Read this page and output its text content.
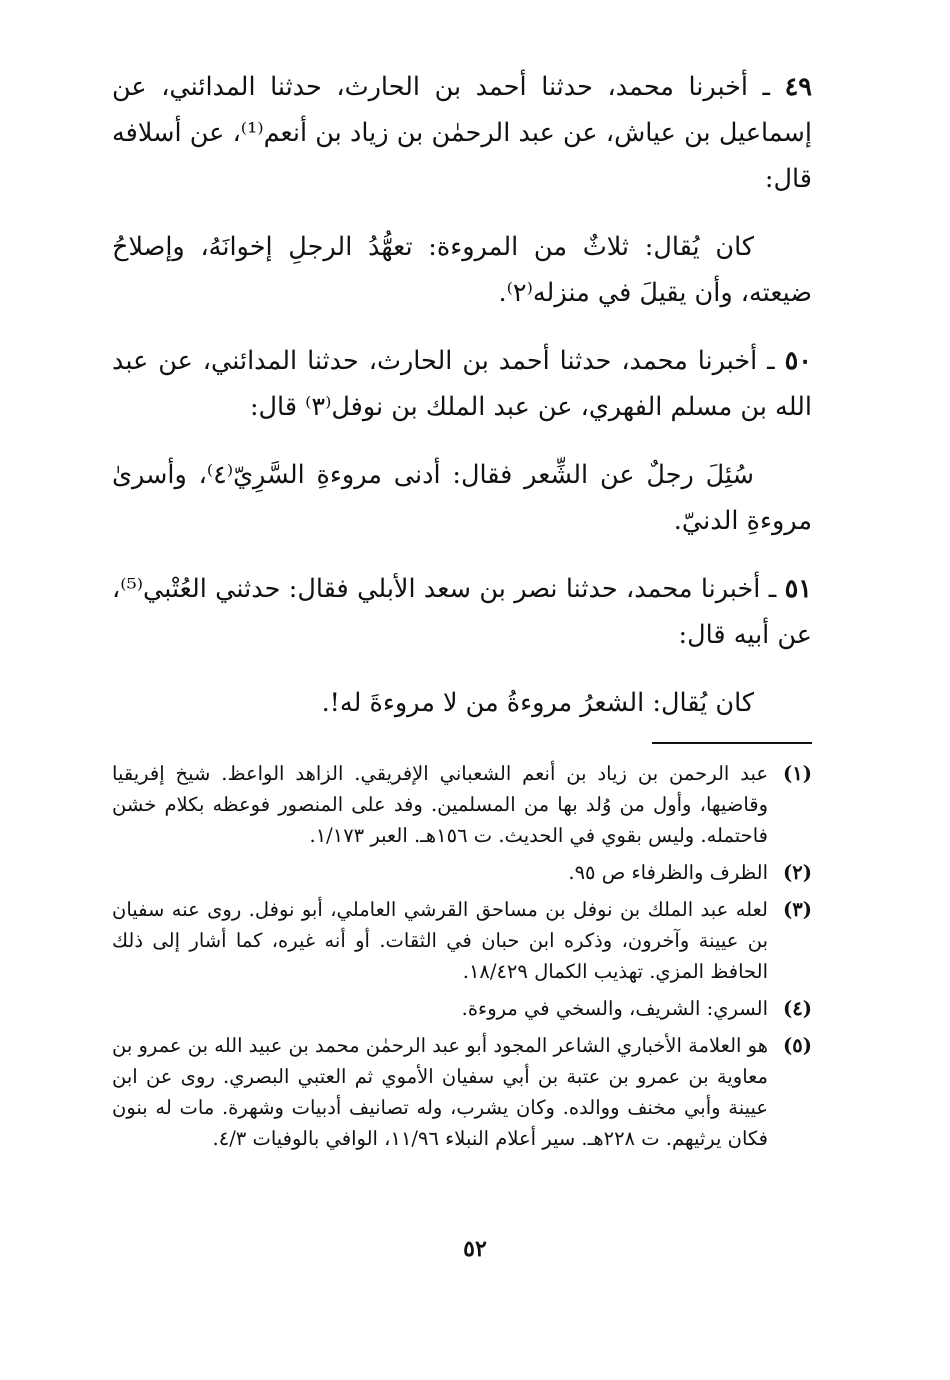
٤٩ ـ أخبرنا محمد، حدثنا أحمد بن الحارث، حدثنا المدائني، عن إسماعيل بن عياش، عن عبد الرحمٰن بن زياد بن أنعم⁽¹⁾، عن أسلافه قال:

كان يُقال: ثلاثٌ من المروءة: تعهُّدُ الرجلِ إخوانَهُ، وإصلاحُ ضيعته، وأن يقيلَ في منزله⁽٢⁾.

٥٠ ـ أخبرنا محمد، حدثنا أحمد بن الحارث، حدثنا المدائني، عن عبد الله بن مسلم الفهري، عن عبد الملك بن نوفل⁽٣⁾ قال:

سُئِلَ رجلٌ عن الشِّعر فقال: أدنى مروءةِ السَّرِيّ⁽٤⁾، وأسرىٰ مروءةِ الدنيّ.

٥١ ـ أخبرنا محمد، حدثنا نصر بن سعد الأبلي فقال: حدثني العُتْبي⁽⁵⁾، عن أبيه قال:

كان يُقال: الشعرُ مروءةُ من لا مروءةَ له!.

(١)
عبد الرحمن بن زياد بن أنعم الشعباني الإفريقي. الزاهد الواعظ. شيخ إفريقيا وقاضيها، وأول من وُلد بها من المسلمين. وفد على المنصور فوعظه بكلام خشن فاحتمله. وليس بقوي في الحديث. ت ١٥٦هـ. العبر ١/١٧٣.
(٢)
الظرف والظرفاء ص ٩٥.
(٣)
لعله عبد الملك بن نوفل بن مساحق القرشي العاملي، أبو نوفل. روى عنه سفيان بن عيينة وآخرون، وذكره ابن حبان في الثقات. أو أنه غيره، كما أشار إلى ذلك الحافظ المزي. تهذيب الكمال ١٨/٤٢٩.
(٤)
السري: الشريف، والسخي في مروءة.
(٥)
هو العلامة الأخباري الشاعر المجود أبو عبد الرحمٰن محمد بن عبيد الله بن عمرو بن معاوية بن عمرو بن عتبة بن أبي سفيان الأموي ثم العتبي البصري. روى عن ابن عيينة وأبي مخنف ووالده. وكان يشرب، وله تصانيف أدبيات وشهرة. مات له بنون فكان يرثيهم. ت ٢٢٨هـ. سير أعلام النبلاء ١١/٩٦، الوافي بالوفيات ٤/٣.
٥٢
